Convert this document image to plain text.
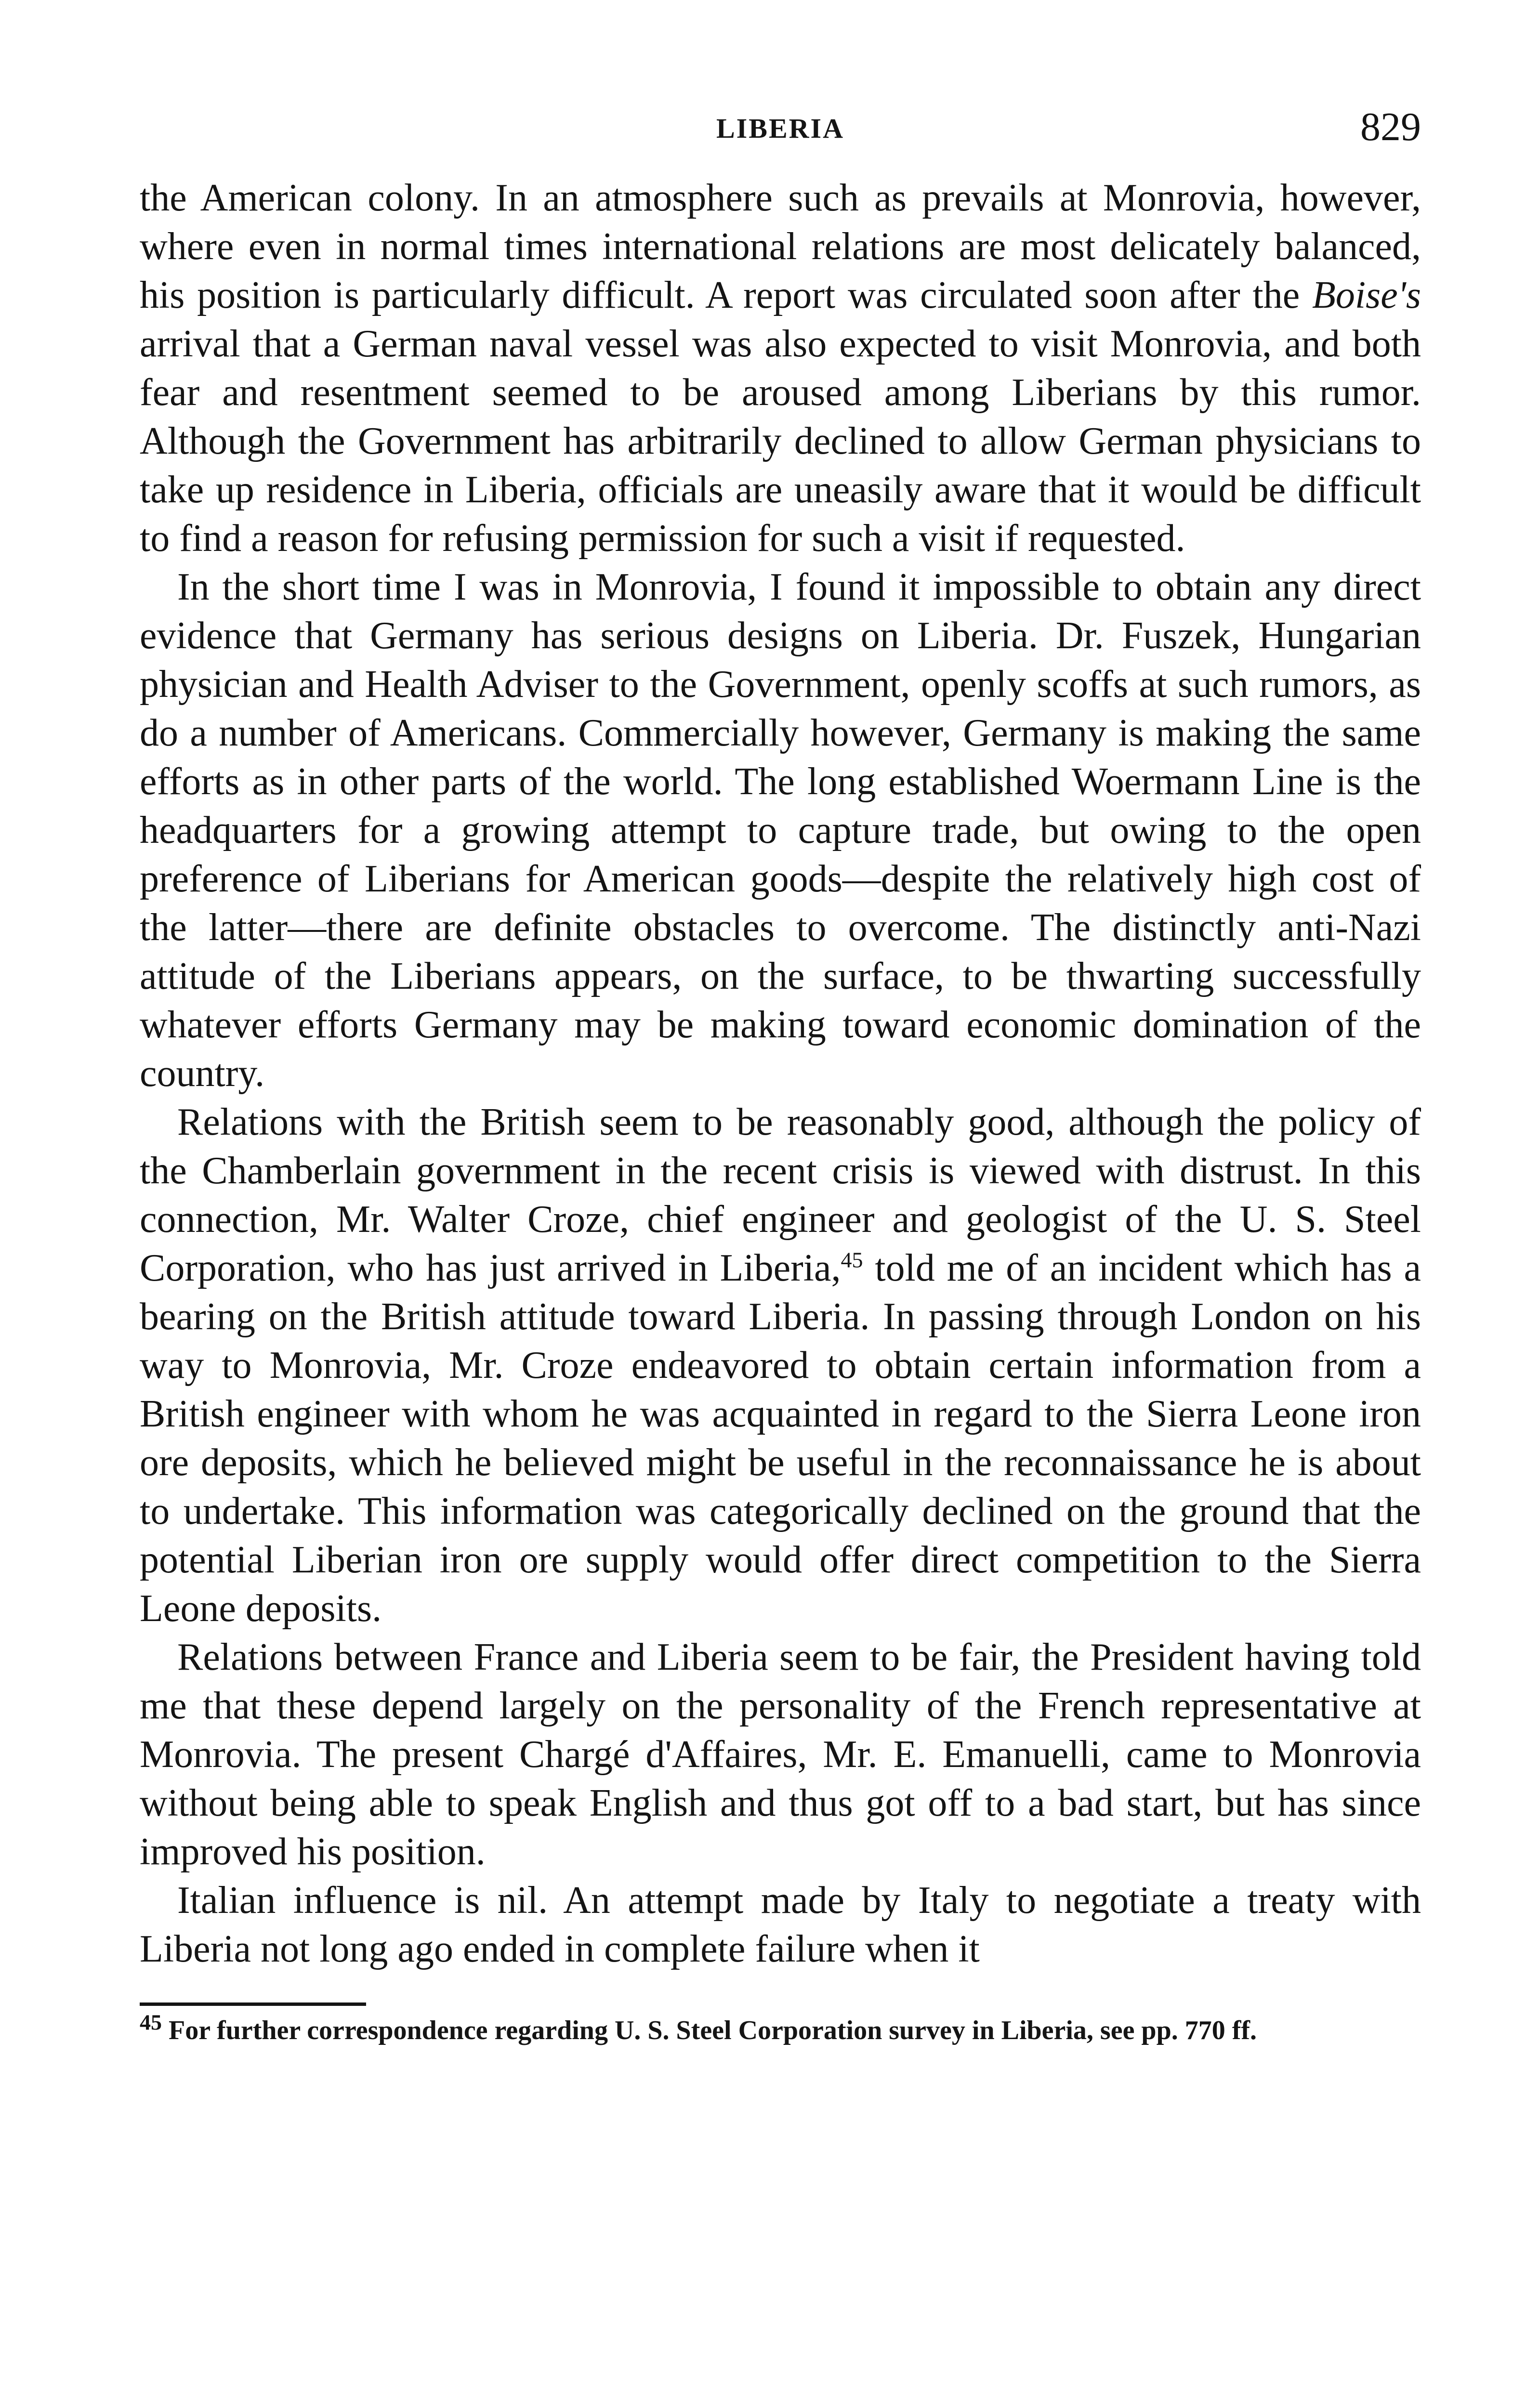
LIBERIA	829

the American colony. In an atmosphere such as prevails at Monrovia, however, where even in normal times international relations are most delicately balanced, his position is particularly difficult. A report was circulated soon after the Boise's arrival that a German naval vessel was also expected to visit Monrovia, and both fear and resentment seemed to be aroused among Liberians by this rumor. Although the Government has arbitrarily declined to allow German physicians to take up residence in Liberia, officials are uneasily aware that it would be difficult to find a reason for refusing permission for such a visit if requested.

In the short time I was in Monrovia, I found it impossible to obtain any direct evidence that Germany has serious designs on Liberia. Dr. Fuszek, Hungarian physician and Health Adviser to the Government, openly scoffs at such rumors, as do a number of Americans. Commercially however, Germany is making the same efforts as in other parts of the world. The long established Woermann Line is the headquarters for a growing attempt to capture trade, but owing to the open preference of Liberians for American goods—despite the relatively high cost of the latter—there are definite obstacles to overcome. The distinctly anti-Nazi attitude of the Liberians appears, on the surface, to be thwarting successfully whatever efforts Germany may be making toward economic domination of the country.

Relations with the British seem to be reasonably good, although the policy of the Chamberlain government in the recent crisis is viewed with distrust. In this connection, Mr. Walter Croze, chief engineer and geologist of the U. S. Steel Corporation, who has just arrived in Liberia,$^{45}$ told me of an incident which has a bearing on the British attitude toward Liberia. In passing through London on his way to Monrovia, Mr. Croze endeavored to obtain certain information from a British engineer with whom he was acquainted in regard to the Sierra Leone iron ore deposits, which he believed might be useful in the reconnaissance he is about to undertake. This information was categorically declined on the ground that the potential Liberian iron ore supply would offer direct competition to the Sierra Leone deposits.

Relations between France and Liberia seem to be fair, the President having told me that these depend largely on the personality of the French representative at Monrovia. The present Chargé d'Affaires, Mr. E. Emanuelli, came to Monrovia without being able to speak English and thus got off to a bad start, but has since improved his position.

Italian influence is nil. An attempt made by Italy to negotiate a treaty with Liberia not long ago ended in complete failure when it

$^{45}$ For further correspondence regarding U. S. Steel Corporation survey in Liberia, see pp. 770 ff.
